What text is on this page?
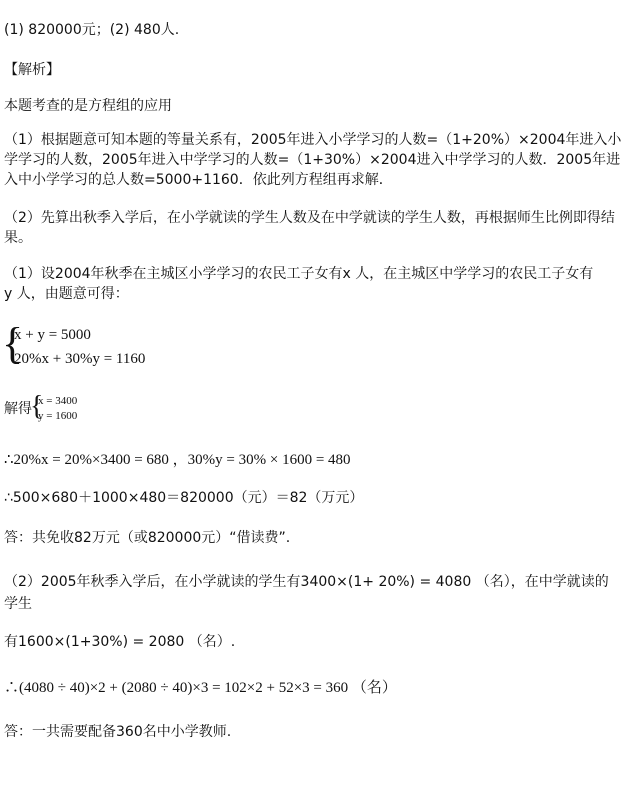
(1) 820000元；(2) 480人.
【解析】
本题考查的是方程组的应用
（1）根据题意可知本题的等量关系有，2005年进入小学学习的人数=（1+20%）×2004年进入小学学习的人数，2005年进入中学学习的人数=（1+30%）×2004进入中学学习的人数．2005年进入中小学学习的总人数=5000+1160．依此列方程组再求解．
（2）先算出秋季入学后，在小学就读的学生人数及在中学就读的学生人数，再根据师生比例即得结果。
（1）设2004年秋季在主城区小学学习的农民工子女有x 人，在主城区中学学习的农民工子女有
y 人，由题意可得：
{
x + y = 5000
20%x + 30%y = 1160
解得
{
x = 3400
y = 1600
∴20%x = 20%×3400 = 680 ，30%y = 30% × 1600 = 480
∴500×680＋1000×480＝820000（元）＝82（万元）
答：共免收82万元（或820000元）“借读费”.
（2）2005年秋季入学后，在小学就读的学生有3400×(1+ 20%) = 4080 （名），在中学就读的
学生
有1600×(1+30%) = 2080 （名）.
∴(4080 ÷ 40)×2 + (2080 ÷ 40)×3 = 102×2 + 52×3 = 360 （名）
答：一共需要配备360名中小学教师.
